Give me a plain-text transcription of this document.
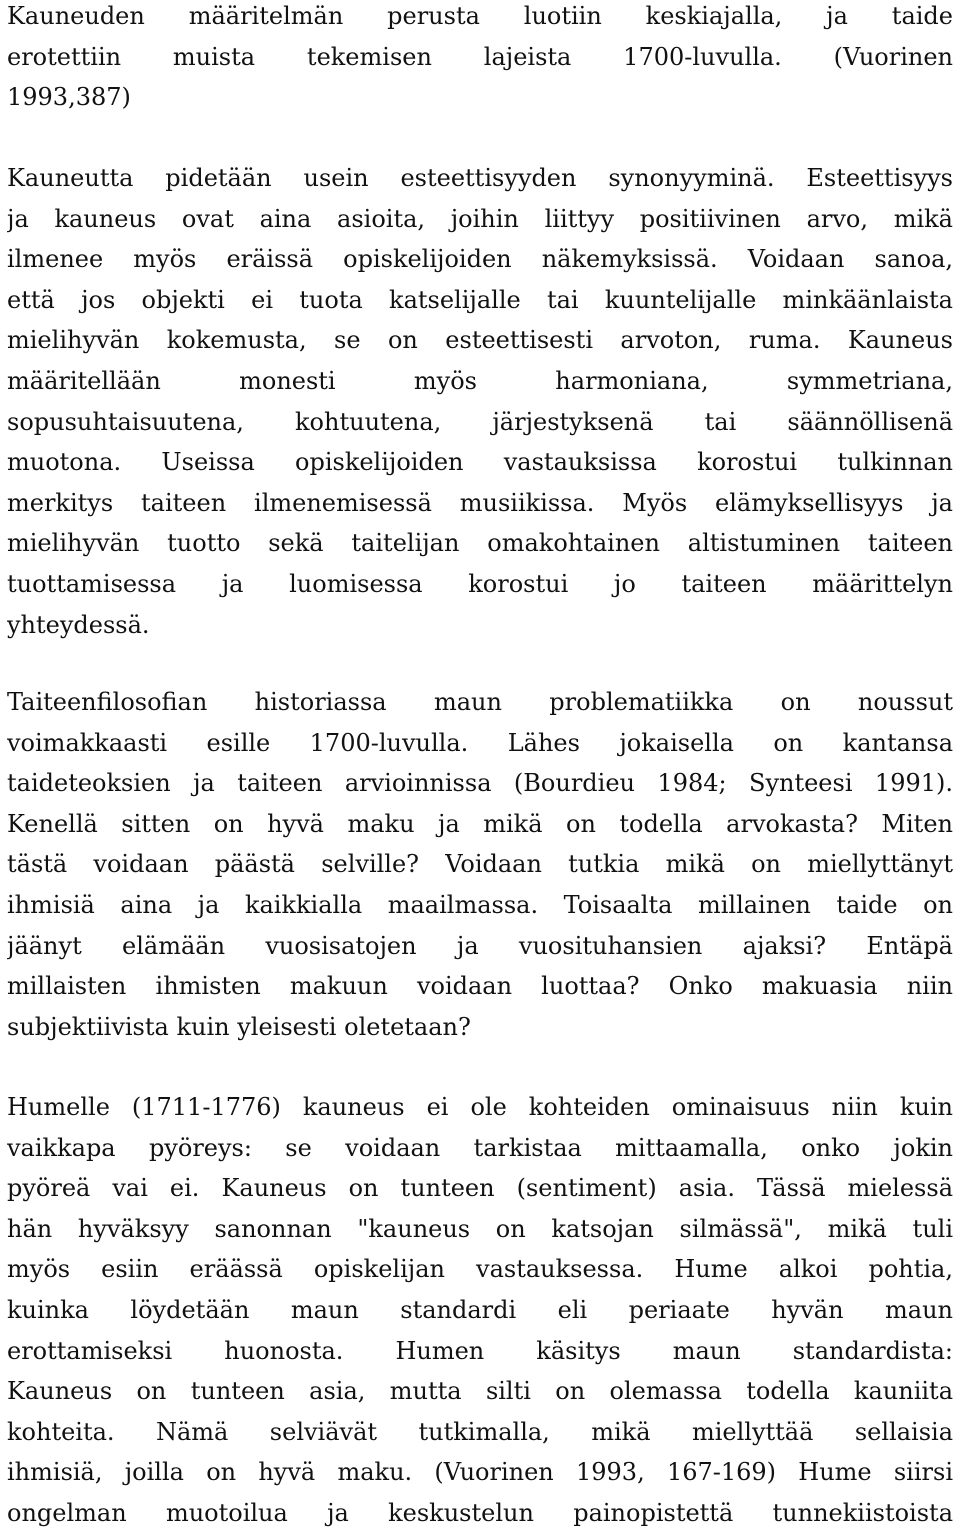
Kauneuden määritelmän perusta luotiin keskiajalla, ja taide
erotettiin muista tekemisen lajeista 1700-luvulla. (Vuorinen
1993,387)
Kauneutta pidetään usein esteettisyyden synonyyminä. Esteettisyys
ja kauneus ovat aina asioita, joihin liittyy positiivinen arvo, mikä
ilmenee myös eräissä opiskelijoiden näkemyksissä. Voidaan sanoa,
että jos objekti ei tuota katselijalle tai kuuntelijalle minkäänlaista
mielihyvän kokemusta, se on esteettisesti arvoton, ruma. Kauneus
määritellään monesti myös harmoniana, symmetriana,
sopusuhtaisuutena, kohtuutena, järjestyksenä tai säännöllisenä
muotona. Useissa opiskelijoiden vastauksissa korostui tulkinnan
merkitys taiteen ilmenemisessä musiikissa. Myös elämyksellisyys ja
mielihyvän tuotto sekä taitelijan omakohtainen altistuminen taiteen
tuottamisessa ja luomisessa korostui jo taiteen määrittelyn
yhteydessä.
Taiteenfilosofian historiassa maun problematiikka on noussut
voimakkaasti esille 1700-luvulla. Lähes jokaisella on kantansa
taideteoksien ja taiteen arvioinnissa (Bourdieu 1984; Synteesi 1991).
Kenellä sitten on hyvä maku ja mikä on todella arvokasta? Miten
tästä voidaan päästä selville? Voidaan tutkia mikä on miellyttänyt
ihmisiä aina ja kaikkialla maailmassa. Toisaalta millainen taide on
jäänyt elämään vuosisatojen ja vuosituhansien ajaksi? Entäpä
millaisten ihmisten makuun voidaan luottaa? Onko makuasia niin
subjektiivista kuin yleisesti oletetaan?
Humelle (1711-1776) kauneus ei ole kohteiden ominaisuus niin kuin
vaikkapa pyöreys: se voidaan tarkistaa mittaamalla, onko jokin
pyöreä vai ei. Kauneus on tunteen (sentiment) asia. Tässä mielessä
hän hyväksyy sanonnan "kauneus on katsojan silmässä", mikä tuli
myös esiin eräässä opiskelijan vastauksessa. Hume alkoi pohtia,
kuinka löydetään maun standardi eli periaate hyvän maun
erottamiseksi huonosta. Humen käsitys maun standardista:
Kauneus on tunteen asia, mutta silti on olemassa todella kauniita
kohteita. Nämä selviävät tutkimalla, mikä miellyttää sellaisia
ihmisiä, joilla on hyvä maku. (Vuorinen 1993, 167-169) Hume siirsi
ongelman muotoilua ja keskustelun painopistettä tunnekiistoista
